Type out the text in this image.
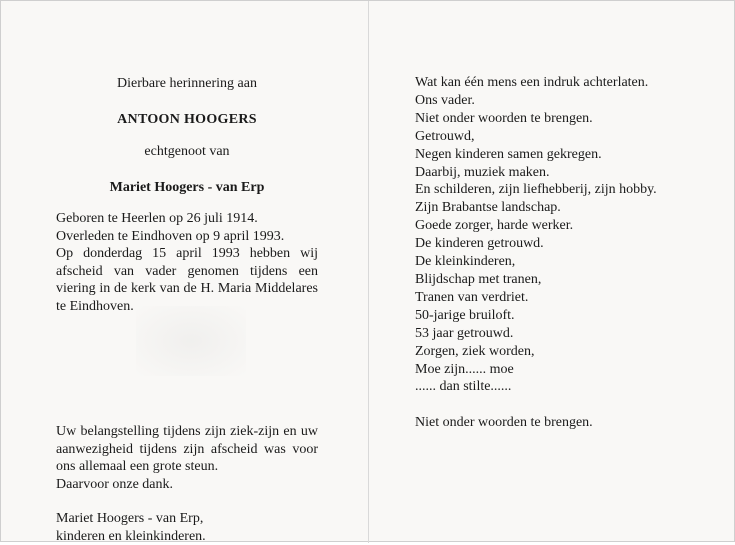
Dierbare herinnering aan
ANTOON HOOGERS
echtgenoot van
Mariet Hoogers - van Erp
Geboren te Heerlen op 26 juli 1914.
Overleden te Eindhoven op 9 april 1993.
Op donderdag 15 april 1993 hebben wij afscheid van vader genomen tijdens een viering in de kerk van de H. Maria Middelares te Eindhoven.
Uw belangstelling tijdens zijn ziek-zijn en uw aanwezigheid tijdens zijn afscheid was voor ons allemaal een grote steun.
Daarvoor onze dank.
Mariet Hoogers - van Erp,
kinderen en kleinkinderen.
Wat kan één mens een indruk achterlaten.
Ons vader.
Niet onder woorden te brengen.
Getrouwd,
Negen kinderen samen gekregen.
Daarbij, muziek maken.
En schilderen, zijn liefhebberij, zijn hobby.
Zijn Brabantse landschap.
Goede zorger, harde werker.
De kinderen getrouwd.
De kleinkinderen,
Blijdschap met tranen,
Tranen van verdriet.
50-jarige bruiloft.
53 jaar getrouwd.
Zorgen, ziek worden,
Moe zijn...... moe
...... dan stilte......
Niet onder woorden te brengen.
